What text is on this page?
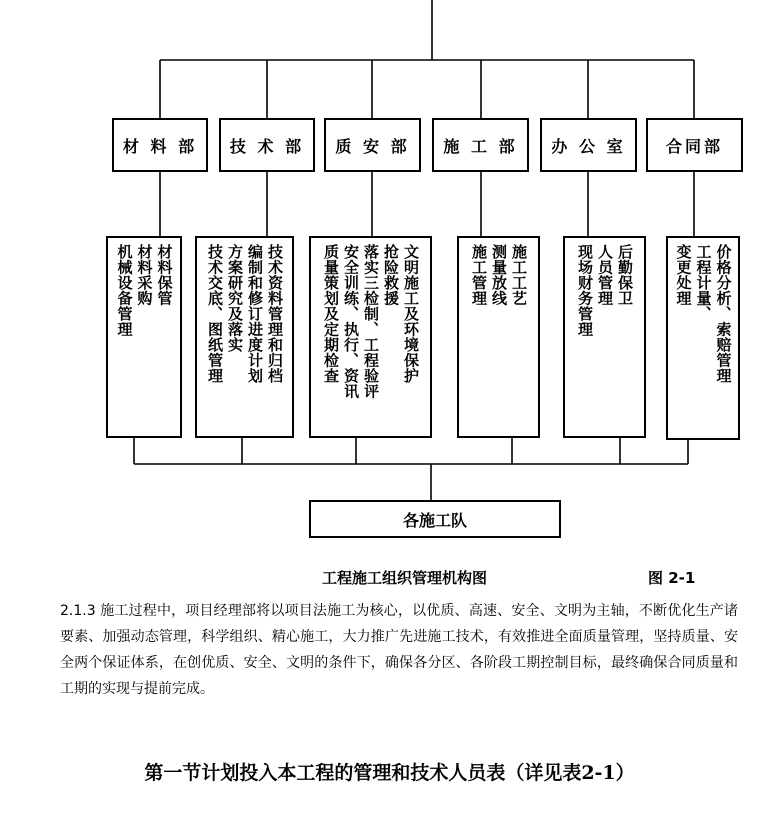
材 料 部 技 术 部 质 安 部 施 工 部 办 公 室	合同部
材料保管
材料采购
机械设备管理	技术资料管理和归档
编制和修订进度计划
方案研究及落实
技术交底、图纸管理	文明施工及环境保护
抢险救援
落实三检制、工程验评
安全训练、执行、资讯
质量策划及定期检查	施工工艺
测量放线
施工管理	后勤保卫
人员管理
现场财务管理	价格分析、索赔管理
工程计量、
变更处理
各施工队
工程施工组织管理机构图	图 2-1
2.1.3 施工过程中，项目经理部将以项目法施工为核心，以优质、高速、安全、文明为主轴，不断优化生产诸要素、加强动态管理，科学组织、精心施工，大力推广先进施工技术，有效推进全面质量管理，坚持质量、安全两个保证体系，在创优质、安全、文明的条件下，确保各分区、各阶段工期控制目标，最终确保合同质量和工期的实现与提前完成。
第一节计划投入本工程的管理和技术人员表（详见表2-1）
